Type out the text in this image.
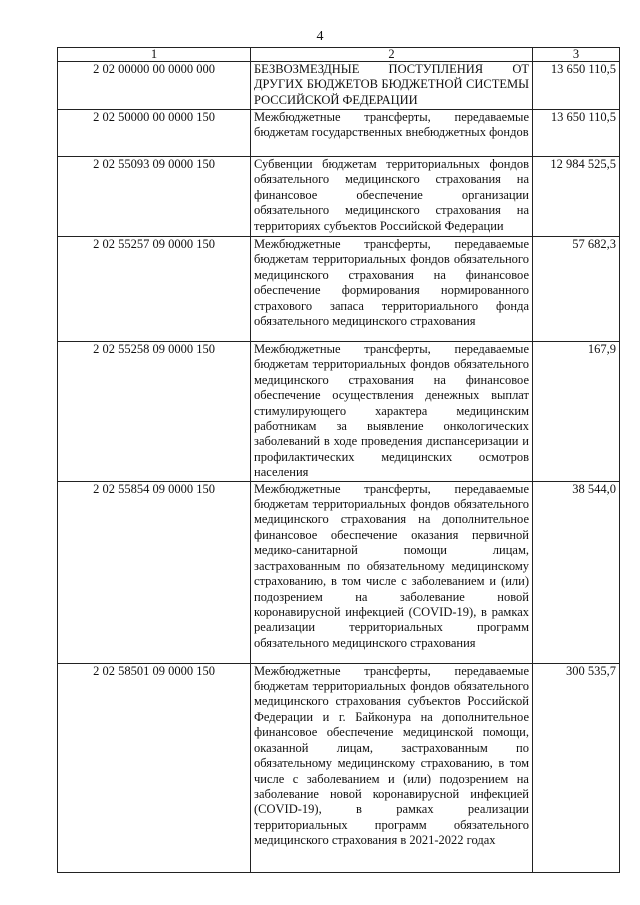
4
1	2	3
2 02 00000 00 0000 000	БЕЗВОЗМЕЗДНЫЕ ПОСТУПЛЕНИЯ ОТ ДРУГИХ БЮДЖЕТОВ БЮДЖЕТНОЙ СИСТЕМЫ РОССИЙСКОЙ ФЕДЕРАЦИИ	13 650 110,5
2 02 50000 00 0000 150	Межбюджетные трансферты, передаваемые бюджетам государственных внебюджетных фондов	13 650 110,5
2 02 55093 09 0000 150	Субвенции бюджетам территориальных фондов обязательного медицинского страхования на финансовое обеспечение организации обязательного медицинского страхования на территориях субъектов Российской Федерации	12 984 525,5
2 02 55257 09 0000 150	Межбюджетные трансферты, передаваемые бюджетам территориальных фондов обязательного медицинского страхования на финансовое обеспечение формирования нормированного страхового запаса территориального фонда обязательного медицинского страхования	57 682,3
2 02 55258 09 0000 150	Межбюджетные трансферты, передаваемые бюджетам территориальных фондов обязательного медицинского страхования на финансовое обеспечение осуществления денежных выплат стимулирующего характера медицинским работникам за выявление онкологических заболеваний в ходе проведения диспансеризации и профилактических медицинских осмотров населения	167,9
2 02 55854 09 0000 150	Межбюджетные трансферты, передаваемые бюджетам территориальных фондов обязательного медицинского страхования на дополнительное финансовое обеспечение оказания первичной медико-санитарной помощи лицам, застрахованным по обязательному медицинскому страхованию, в том числе с заболеванием и (или) подозрением на заболевание новой коронавирусной инфекцией (COVID-19), в рамках реализации территориальных программ обязательного медицинского страхования	38 544,0
2 02 58501 09 0000 150	Межбюджетные трансферты, передаваемые бюджетам территориальных фондов обязательного медицинского страхования субъектов Российской Федерации и г. Байконура на дополнительное финансовое обеспечение медицинской помощи, оказанной лицам, застрахованным по обязательному медицинскому страхованию, в том числе с заболеванием и (или) подозрением на заболевание новой коронавирусной инфекцией (COVID-19), в рамках реализации территориальных программ обязательного медицинского страхования в 2021-2022 годах	300 535,7
